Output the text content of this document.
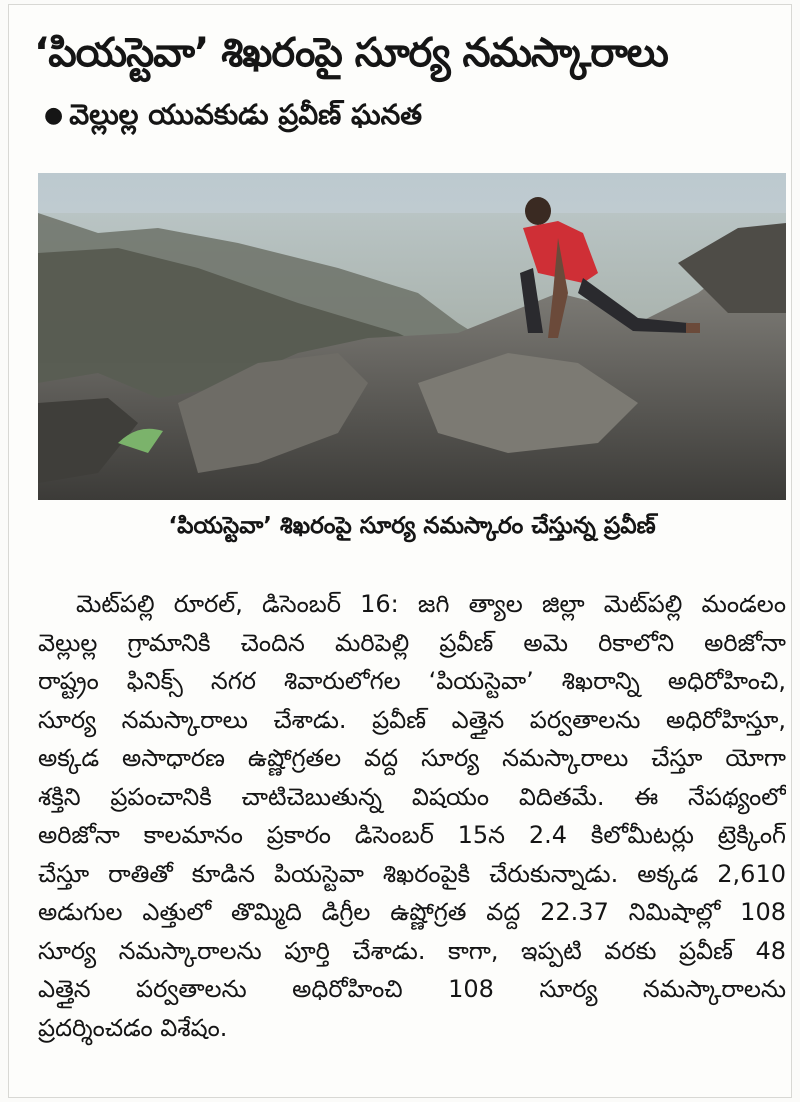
‘పియస్టెవా’ శిఖరంపై సూర్య నమస్కారాలు
● వెల్లుల్ల యువకుడు ప్రవీణ్ ఘనత
‘పియస్టెవా’ శిఖరంపై సూర్య నమస్కారం చేస్తున్న ప్రవీణ్
మెట్‌పల్లి రూరల్, డిసెంబర్ 16: జగి త్యాల జిల్లా మెట్‌పల్లి మండలం
వెల్లుల్ల గ్రామానికి చెందిన మరిపెల్లి ప్రవీణ్ అమె రికాలోని అరిజోనా
రాష్ట్రం ఫినిక్స్ నగర శివారులోగల ‘పియస్టెవా’ శిఖరాన్ని అధిరోహించి,
సూర్య నమస్కారాలు చేశాడు. ప్రవీణ్ ఎత్తైన పర్వతాలను అధిరోహిస్తూ,
అక్కడ అసాధారణ ఉష్ణోగ్రతల వద్ద సూర్య నమస్కారాలు చేస్తూ యోగా
శక్తిని ప్రపంచానికి చాటిచెబుతున్న విషయం విదితమే. ఈ నేపథ్యంలో
అరిజోనా కాలమానం ప్రకారం డిసెంబర్ 15న 2.4 కిలోమీటర్లు ట్రెక్కింగ్
చేస్తూ రాతితో కూడిన పియస్టెవా శిఖరంపైకి చేరుకున్నాడు. అక్కడ 2,610
అడుగుల ఎత్తులో తొమ్మిది డిగ్రీల ఉష్ణోగ్రత వద్ద 22.37 నిమిషాల్లో 108
సూర్య నమస్కారాలను పూర్తి చేశాడు. కాగా, ఇప్పటి వరకు ప్రవీణ్ 48
ఎత్తైన పర్వతాలను అధిరోహించి 108 సూర్య నమస్కారాలను
ప్రదర్శించడం విశేషం.
